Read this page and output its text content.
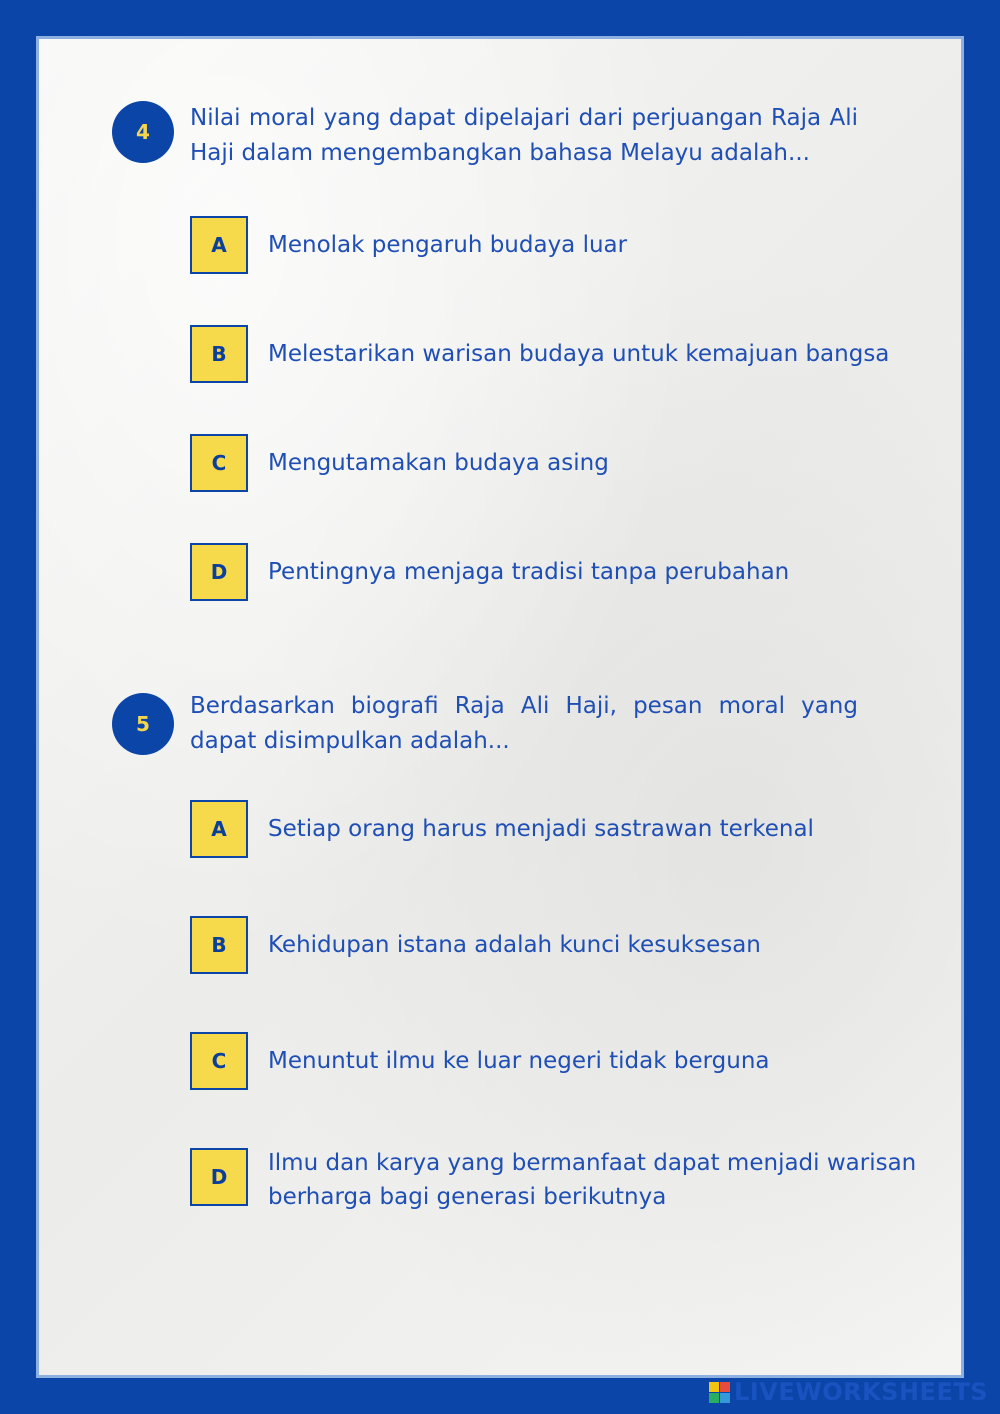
4
Nilai moral yang dapat dipelajari dari perjuangan Raja Ali Haji dalam mengembangkan bahasa Melayu adalah...
A Menolak pengaruh budaya luar
B Melestarikan warisan budaya untuk kemajuan bangsa
C Mengutamakan budaya asing
D Pentingnya menjaga tradisi tanpa perubahan
5
Berdasarkan biografi Raja Ali Haji, pesan moral yang dapat disimpulkan adalah...
A Setiap orang harus menjadi sastrawan terkenal
B Kehidupan istana adalah kunci kesuksesan
C Menuntut ilmu ke luar negeri tidak berguna
D
Ilmu dan karya yang bermanfaat dapat menjadi warisan berharga bagi generasi berikutnya
LIVEWORKSHEETS
